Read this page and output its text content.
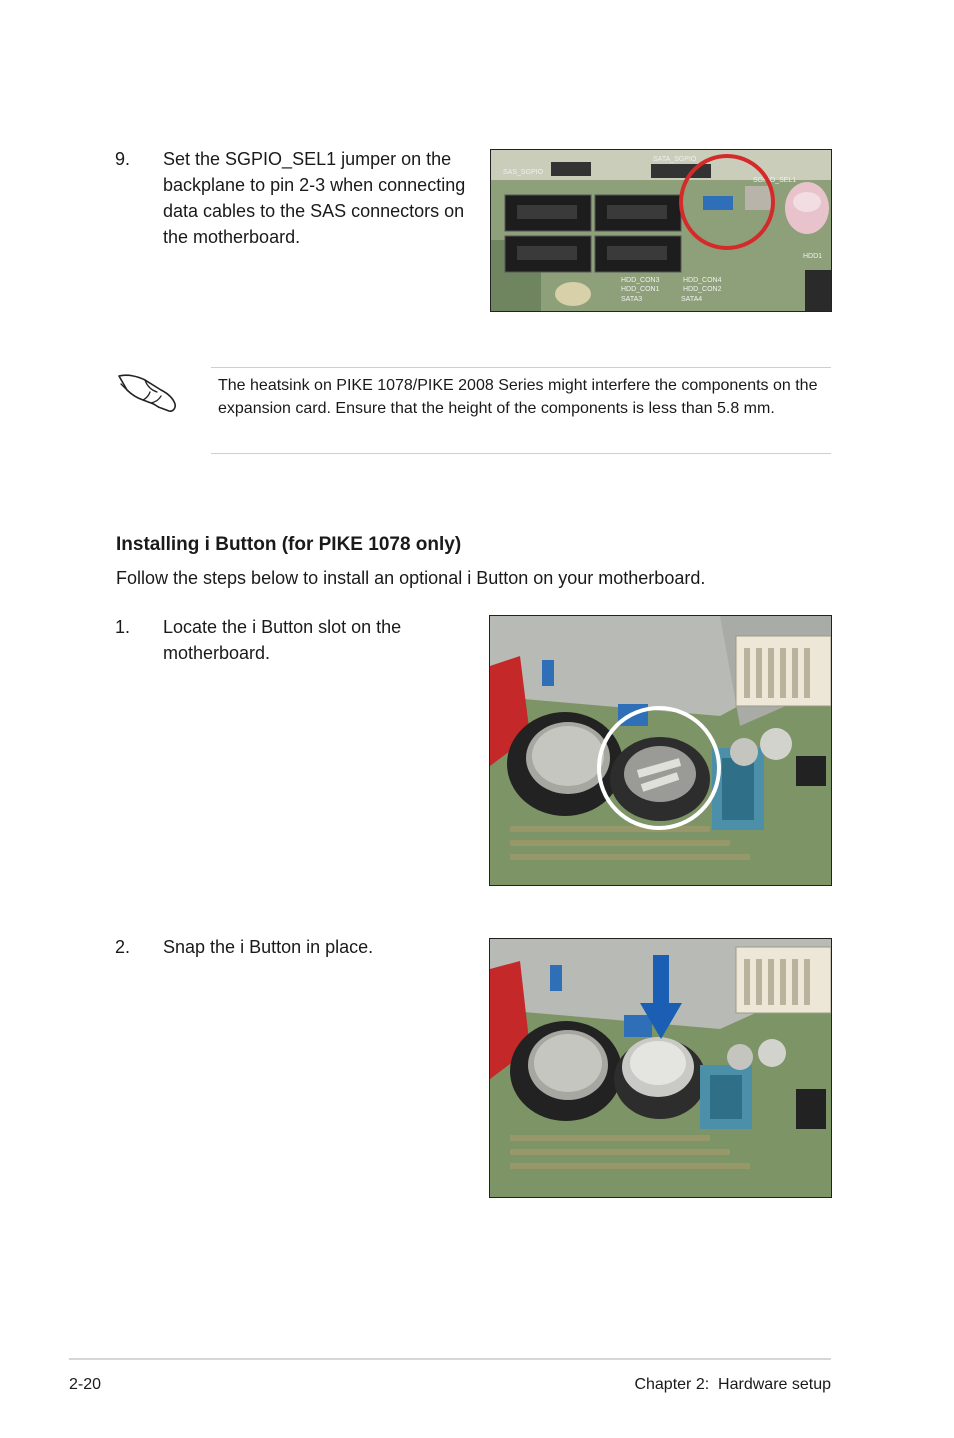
9.	Set the SGPIO_SEL1 jumper on the backplane to pin 2-3 when connecting data cables to the SAS connectors on the motherboard.
SAS_SGPIO
SATA_SGPIO
SGPIO_SEL1
HDD_CON3	HDD_CON4
HDD_CON1	HDD_CON2
SATA3	SATA4
HDD1
The heatsink on PIKE 1078/PIKE 2008 Series might interfere the components on the expansion card. Ensure that the height of the components is less than 5.8 mm.
Installing i Button (for PIKE 1078 only)
Follow the steps below to install an optional i Button on your motherboard.
1.	Locate the i Button slot on the motherboard.
2.	Snap the i Button in place.
2-20	Chapter 2:  Hardware setup
